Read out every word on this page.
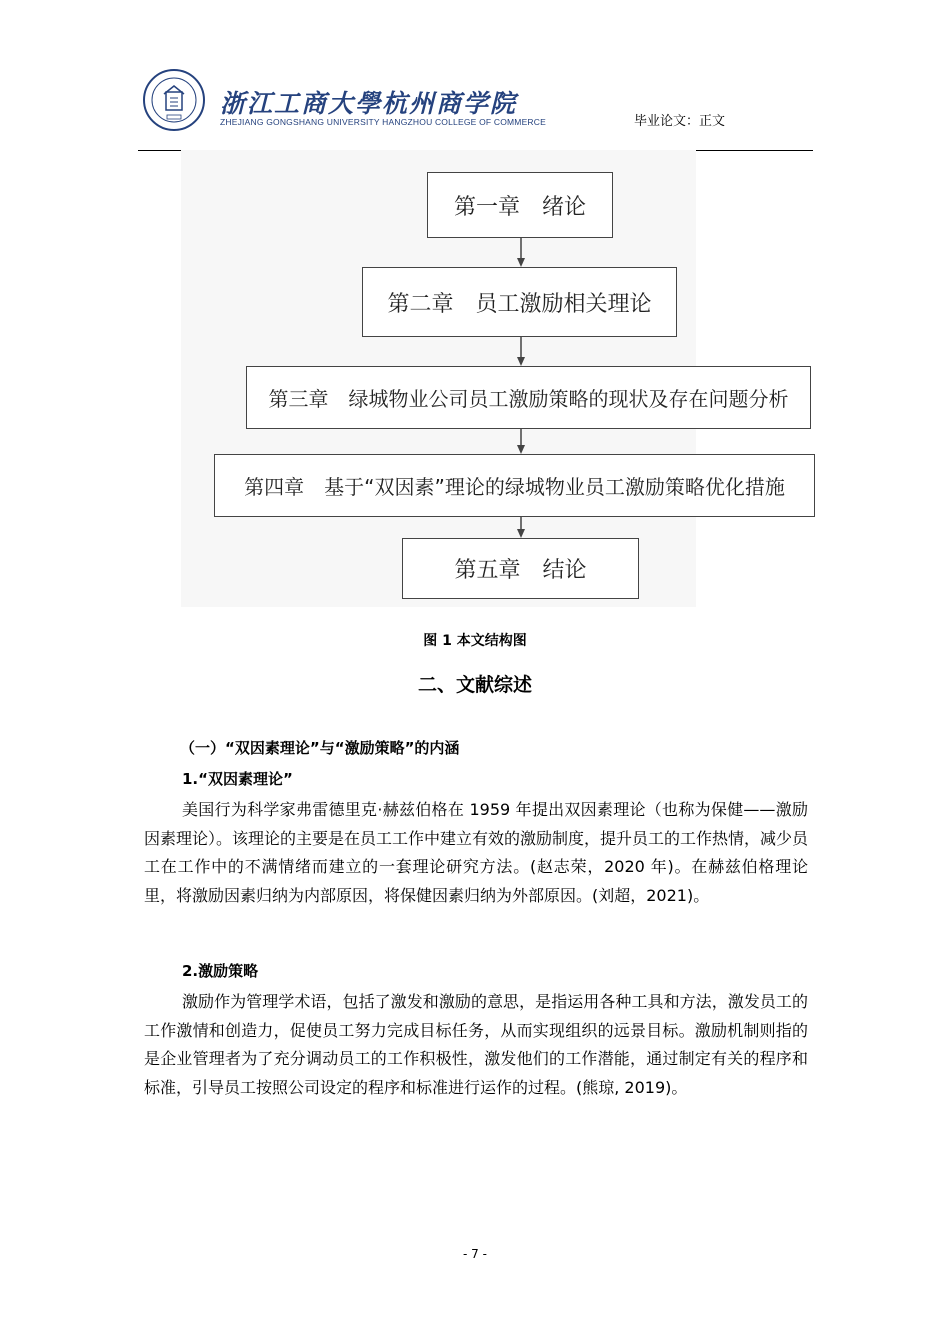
浙江工商大學杭州商学院
ZHEJIANG GONGSHANG UNIVERSITY HANGZHOU COLLEGE OF COMMERCE	毕业论文：正文
第一章　绪论
第二章　员工激励相关理论
第三章　绿城物业公司员工激励策略的现状及存在问题分析
第四章　基于“双因素”理论的绿城物业员工激励策略优化措施
第五章　结论
图 1 本文结构图
二、文献综述
（一）“双因素理论”与“激励策略”的内涵
1.“双因素理论”
美国行为科学家弗雷德里克·赫兹伯格在 1959 年提出双因素理论（也称为保健——激励因素理论）。该理论的主要是在员工工作中建立有效的激励制度，提升员工的工作热情，减少员工在工作中的不满情绪而建立的一套理论研究方法。(赵志荣，2020 年)。在赫兹伯格理论里，将激励因素归纳为内部原因，将保健因素归纳为外部原因。(刘超，2021)。
2.激励策略
激励作为管理学术语，包括了激发和激励的意思，是指运用各种工具和方法，激发员工的工作激情和创造力，促使员工努力完成目标任务，从而实现组织的远景目标。激励机制则指的是企业管理者为了充分调动员工的工作积极性，激发他们的工作潜能，通过制定有关的程序和标准，引导员工按照公司设定的程序和标准进行运作的过程。(熊琼, 2019)。
- 7 -
